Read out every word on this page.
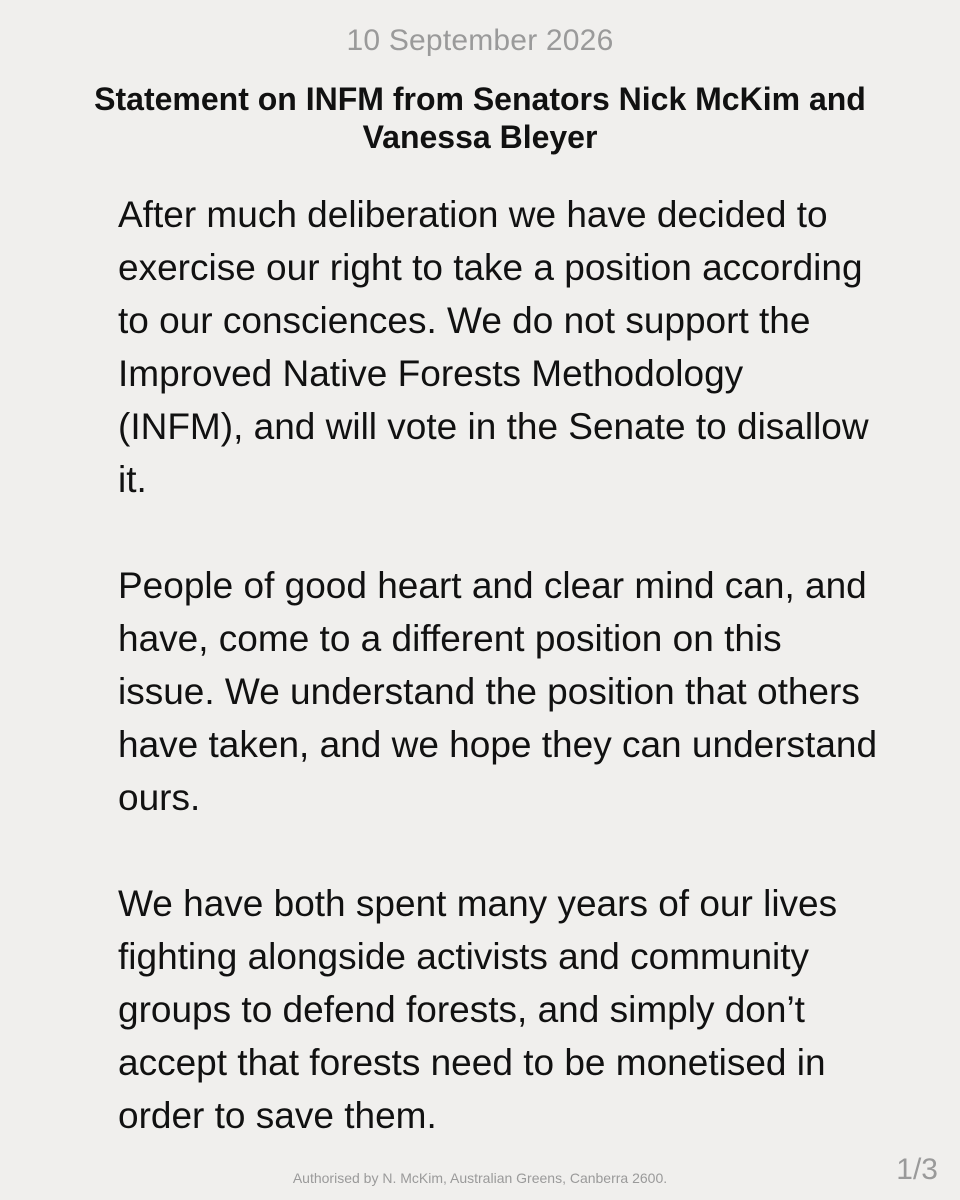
10 September 2026
Statement on INFM from Senators Nick McKim and Vanessa Bleyer

After much deliberation we have decided to exercise our right to take a position according to our consciences. We do not support the Improved Native Forests Methodology (INFM), and will vote in the Senate to disallow it.

People of good heart and clear mind can, and have, come to a different position on this issue. We understand the position that others have taken, and we hope they can understand ours.

We have both spent many years of our lives fighting alongside activists and community groups to defend forests, and simply don’t accept that forests need to be monetised in order to save them.

Authorised by N. McKim, Australian Greens, Canberra 2600.	1/3
